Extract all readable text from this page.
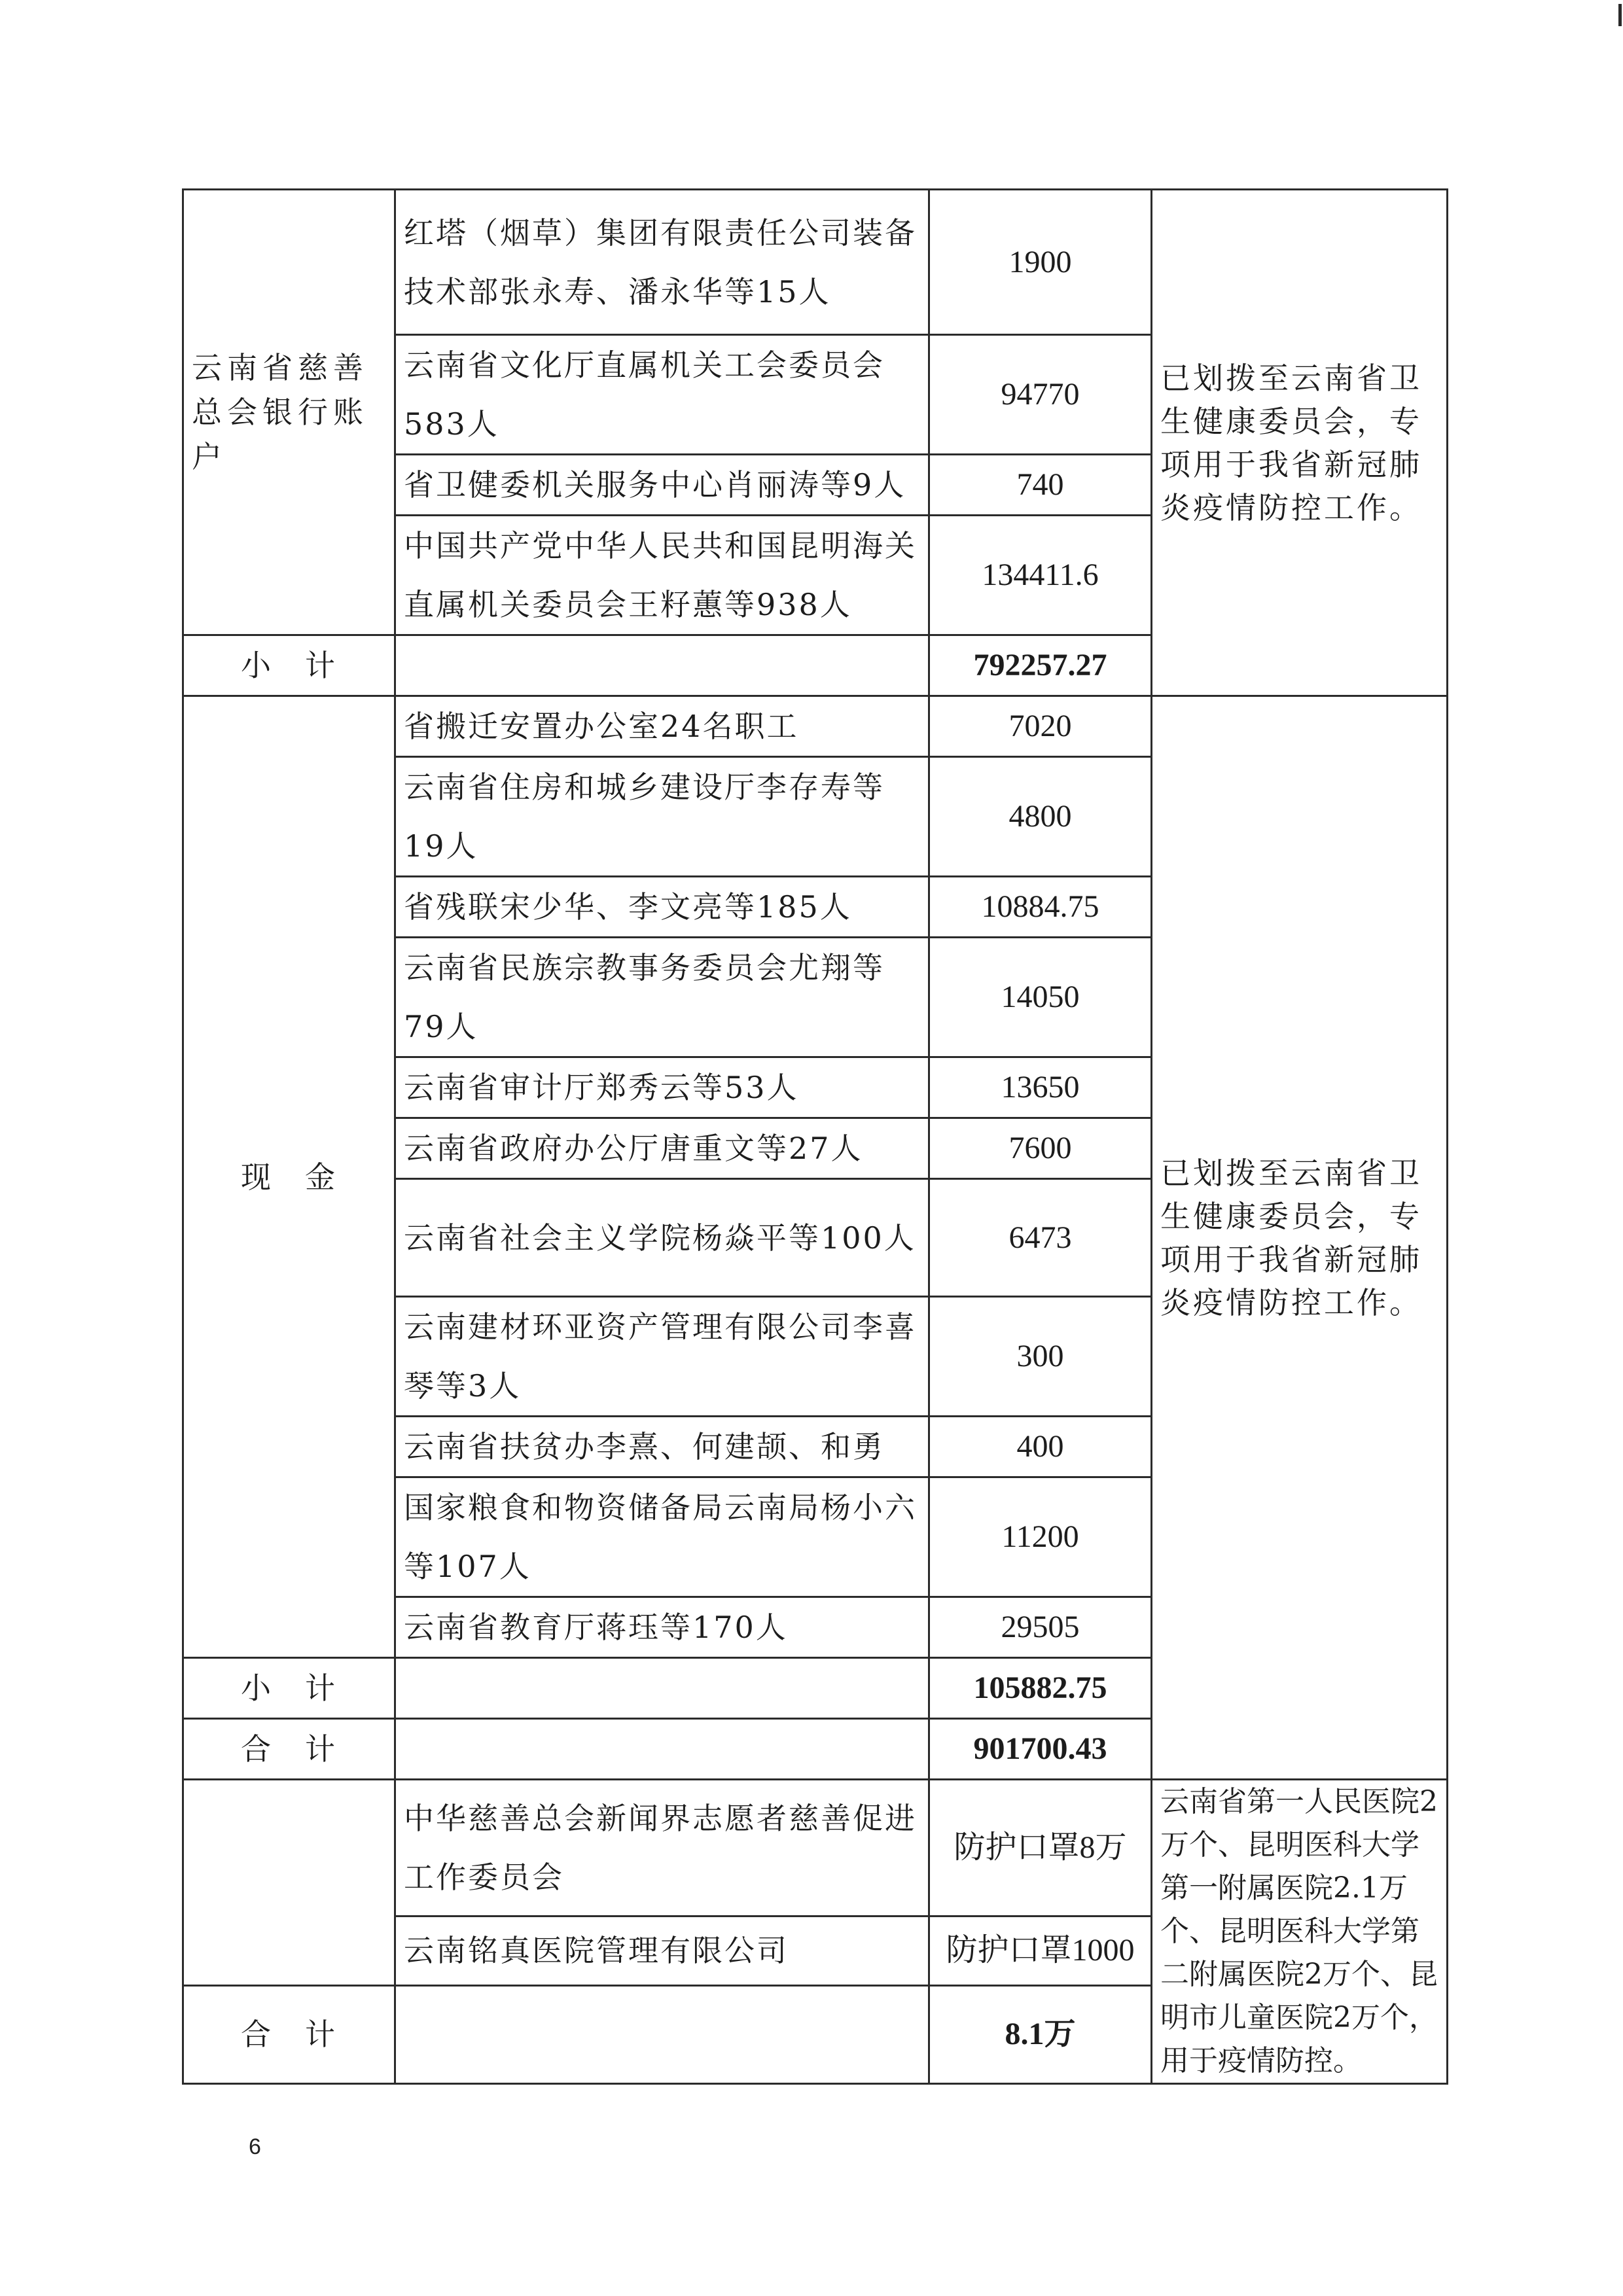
云南省慈善总会银行账户	红塔（烟草）集团有限责任公司装备技术部张永寿、潘永华等15人	1900	已划拨至云南省卫生健康委员会，专项用于我省新冠肺炎疫情防控工作。
	云南省文化厅直属机关工会委员会583人	94770	
	省卫健委机关服务中心肖丽涛等9人	740	
	中国共产党中华人民共和国昆明海关直属机关委员会王籽蕙等938人	134411.6	
小　计		792257.27	
现　金	省搬迁安置办公室24名职工	7020	已划拨至云南省卫生健康委员会，专项用于我省新冠肺炎疫情防控工作。
	云南省住房和城乡建设厅李存寿等19人	4800	
	省残联宋少华、李文亮等185人	10884.75	
	云南省民族宗教事务委员会尤翔等79人	14050	
	云南省审计厅郑秀云等53人	13650	
	云南省政府办公厅唐重文等27人	7600	
	云南省社会主义学院杨焱平等100人	6473	
	云南建材环亚资产管理有限公司李喜琴等3人	300	
	云南省扶贫办李熹、何建颉、和勇	400	
	国家粮食和物资储备局云南局杨小六等107人	11200	
	云南省教育厅蒋珏等170人	29505	
小　计		105882.75	
合　计		901700.43	
	中华慈善总会新闻界志愿者慈善促进工作委员会	防护口罩8万	云南省第一人民医院2万个、昆明医科大学第一附属医院2.1万个、昆明医科大学第二附属医院2万个、昆明市儿童医院2万个，用于疫情防控。
	云南铭真医院管理有限公司	防护口罩1000	
合　计		8.1万	
6
